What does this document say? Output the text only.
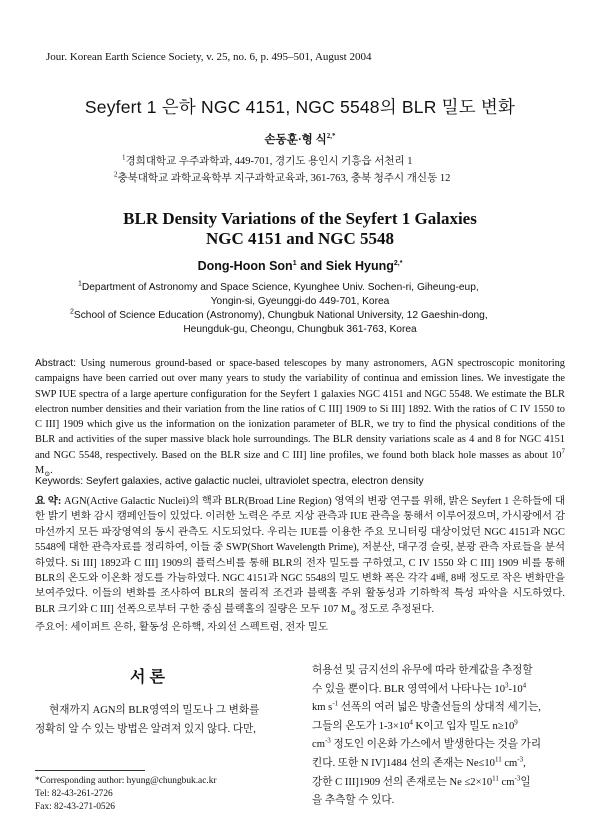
Jour. Korean Earth Science Society, v. 25, no. 6, p. 495–501, August 2004
Seyfert 1 은하 NGC 4151, NGC 5548의 BLR 밀도 변화
손동훈·형 식$^{2,*}$
$^1$경희대학교 우주과학과, 449-701, 경기도 용인시 기흥읍 서천리 1
$^2$충북대학교 과학교육학부 지구과학교육과, 361-763, 충북 청주시 개신동 12
BLR Density Variations of the Seyfert 1 Galaxies
NGC 4151 and NGC 5548
Dong-Hoon Son$^1$ and Siek Hyung$^{2,*}$
$^1$Department of Astronomy and Space Science, Kyunghee Univ. Sochen-ri, Giheung-eup,
Yongin-si, Gyeunggi-do 449-701, Korea
$^2$School of Science Education (Astronomy), Chungbuk National University, 12 Gaeshin-dong,
Heungduk-gu, Cheongu, Chungbuk 361-763, Korea
Abstract: Using numerous ground-based or space-based telescopes by many astronomers, AGN spectroscopic monitoring campaigns have been carried out over many years to study the variability of continua and emission lines. We investigate the SWP IUE spectra of a large aperture configuration for the Seyfert 1 galaxies NGC 4151 and NGC 5548. We estimate the BLR electron number densities and their variation from the line ratios of C III] 1909 to Si III] 1892. With the ratios of C IV 1550 to C III] 1909 which give us the information on the ionization parameter of BLR, we try to find the physical conditions of the BLR and activities of the super massive black hole surroundings. The BLR density variations scale as 4 and 8 for NGC 4151 and NGC 5548, respectively. Based on the BLR size and C III] line profiles, we found both black hole masses as about $10^7$ $M_⊙$.
Keywords: Seyfert galaxies, active galactic nuclei, ultraviolet spectra, electron density
요 약: AGN(Active Galactic Nuclei)의 핵과 BLR(Broad Line Region) 영역의 변광 연구를 위해, 밝은 Seyfert 1 은하들에 대한 밝기 변화 감시 캠페인들이 있었다. 이러한 노력은 주로 지상 관측과 IUE 관측을 통해서 이루어졌으며, 가시광에서 감마선까지 모든 파장영역의 동시 관측도 시도되었다. 우리는 IUE를 이용한 주요 모니터링 대상이었던 NGC 4151과 NGC 5548에 대한 관측자료를 정리하여, 이들 중 SWP(Short Wavelength Prime), 저분산, 대구경 슬릿, 분광 관측 자료들을 분석하였다. Si III] 1892과 C III] 1909의 플럭스비를 통해 BLR의 전자 밀도를 구하였고, C IV 1550 와 C III] 1909 비를 통해 BLR의 온도와 이온화 정도를 가늠하였다. NGC 4151과 NGC 5548의 밀도 변화 폭은 각각 4배, 8배 정도로 작은 변화만을 보여주었다. 이들의 변화를 조사하여 BLR의 물리적 조건과 블랙홀 주위 활동성과 기하학적 특성 파악을 시도하였다. BLR 크기와 C III] 선폭으로부터 구한 중심 블랙홀의 질량은 모두 107 $M_⊙$ 정도로 추정된다.
주요어: 세이퍼트 은하, 활동성 은하핵, 자외선 스펙트럼, 전자 밀도
서 론
현재까지 AGN의 BLR영역의 밀도나 그 변화를
정확히 알 수 있는 방법은 알려져 있지 않다. 다만,
*Corresponding author: hyung@chungbuk.ac.kr
Tel: 82-43-261-2726
Fax: 82-43-271-0526
허용선 및 금지선의 유무에 따라 한계값을 추정할
수 있을 뿐이다. BLR 영역에서 나타나는 $10^3-10^4$
km $s^{-1}$ 선폭의 여러 넓은 방출선들의 상대적 세기는,
그들의 온도가 $1-3\times 10^4$ K이고 입자 밀도 $n\ge 10^9$
$cm^{-3}$ 정도인 이온화 가스에서 발생한다는 것을 가리
킨다. 또한 N IV]1484 선의 존재는 $Ne\le 10^{11}$ $cm^{-3}$,
강한 C III]1909 선의 존재로는 $Ne \le 2\times 10^{11}$ $cm^{-3}$일
을 추측할 수 있다.
